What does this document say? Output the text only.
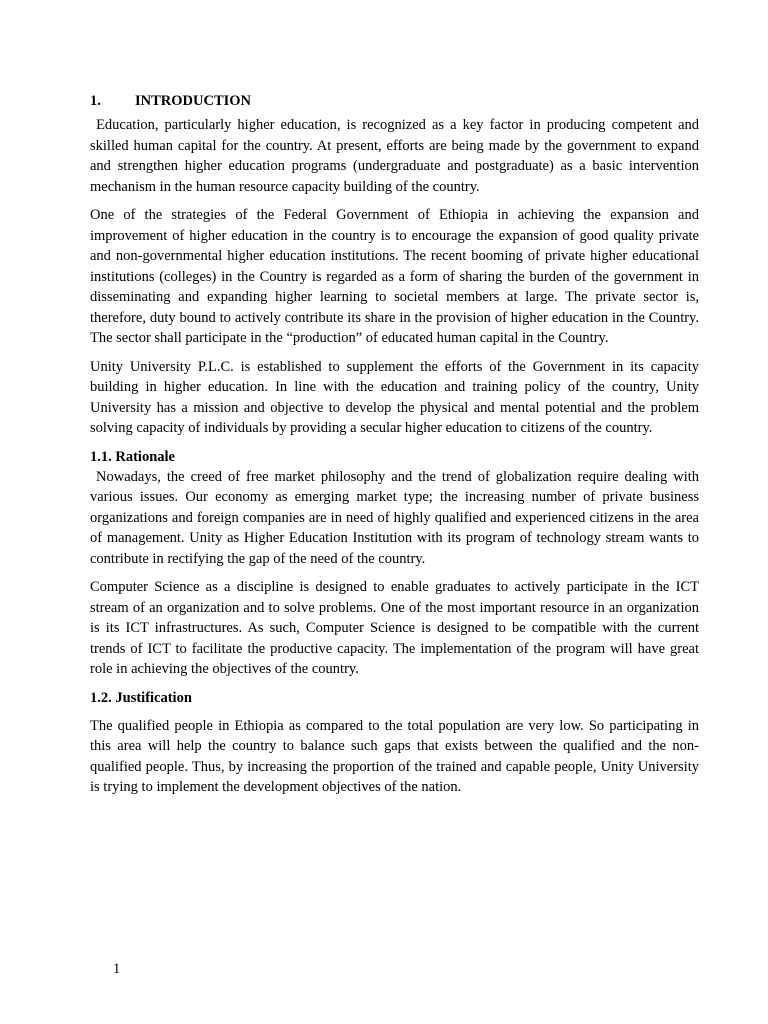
1.	INTRODUCTION

Education, particularly higher education, is recognized as a key factor in producing competent and skilled human capital for the country. At present, efforts are being made by the government to expand and strengthen higher education programs (undergraduate and postgraduate) as a basic intervention mechanism in the human resource capacity building of the country.

One of the strategies of the Federal Government of Ethiopia in achieving the expansion and improvement of higher education in the country is to encourage the expansion of good quality private and non-governmental higher education institutions. The recent booming of private higher educational institutions (colleges) in the Country is regarded as a form of sharing the burden of the government in disseminating and expanding higher learning to societal members at large. The private sector is, therefore, duty bound to actively contribute its share in the provision of higher education in the Country. The sector shall participate in the “production” of educated human capital in the Country.

Unity University P.L.C. is established to supplement the efforts of the Government in its capacity building in higher education. In line with the education and training policy of the country, Unity University has a mission and objective to develop the physical and mental potential and the problem solving capacity of individuals by providing a secular higher education to citizens of the country.

1.1. Rationale

Nowadays, the creed of free market philosophy and the trend of globalization require dealing with various issues. Our economy as emerging market type; the increasing number of private business organizations and foreign companies are in need of highly qualified and experienced citizens in the area of management. Unity as Higher Education Institution with its program of technology stream wants to contribute in rectifying the gap of the need of the country.

Computer Science as a discipline is designed to enable graduates to actively participate in the ICT stream of an organization and to solve problems. One of the most important resource in an organization is its ICT infrastructures. As such, Computer Science is designed to be compatible with the current trends of ICT to facilitate the productive capacity. The implementation of the program will have great role in achieving the objectives of the country.

1.2. Justification

The qualified people in Ethiopia as compared to the total population are very low. So participating in this area will help the country to balance such gaps that exists between the qualified and the non-qualified people. Thus, by increasing the proportion of the trained and capable people, Unity University is trying to implement the development objectives of the nation.

1
